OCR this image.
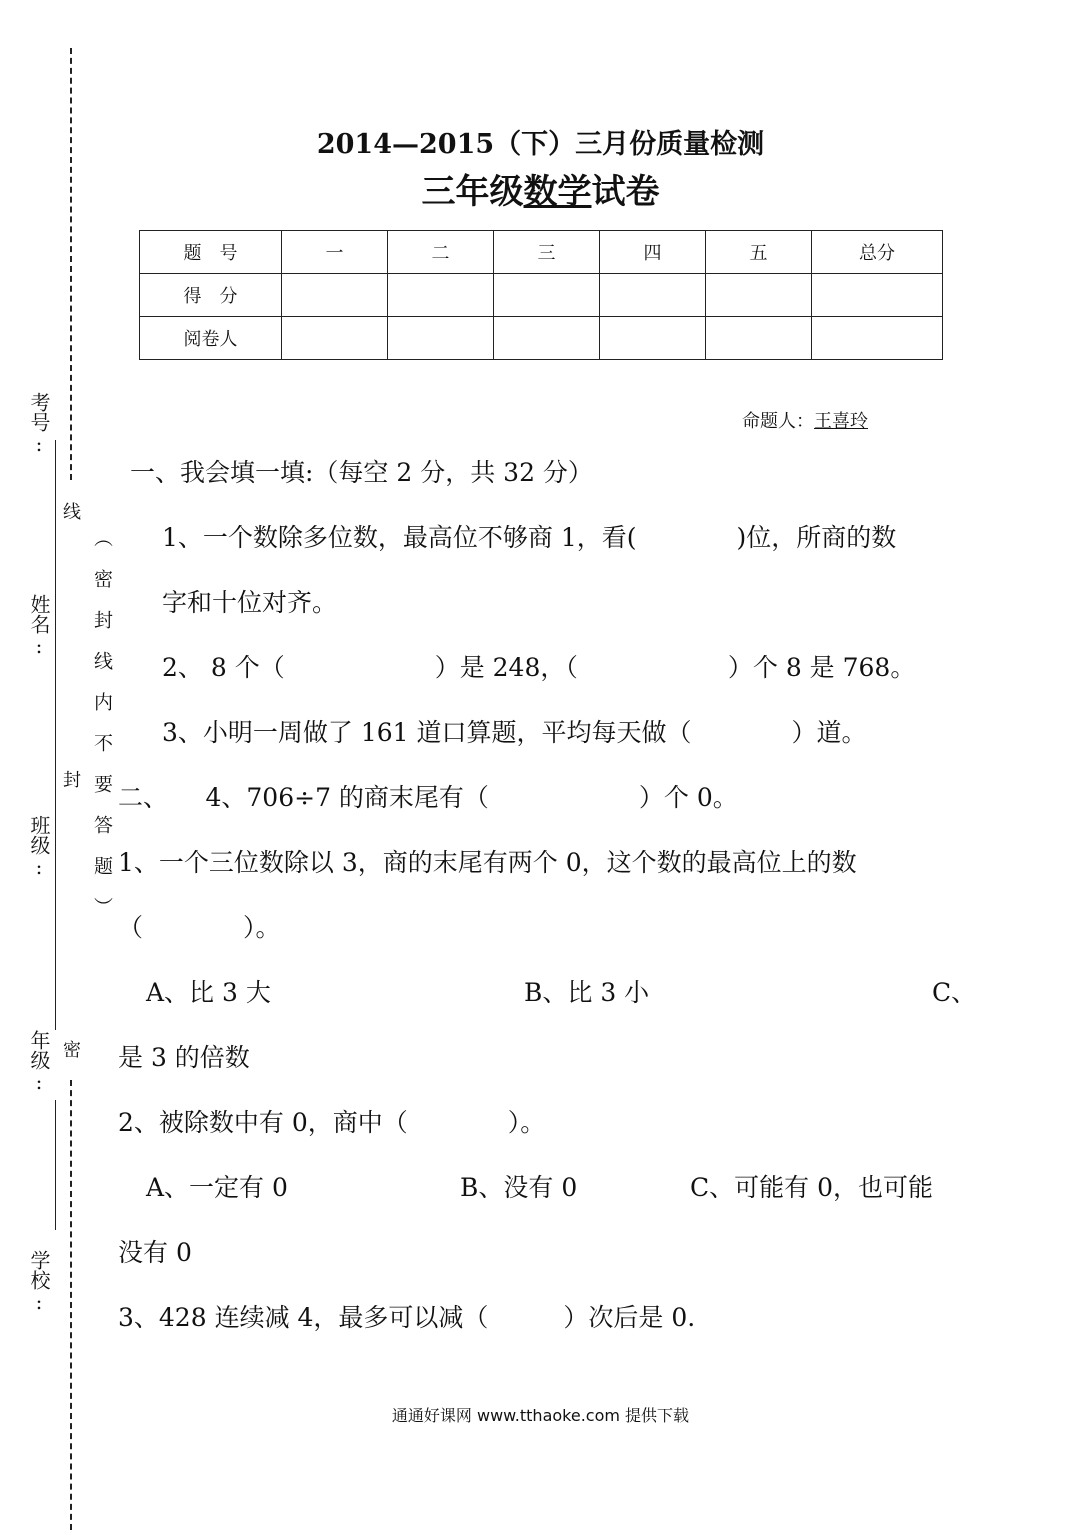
考号:
姓名:
班级:
年级:
学校:
线
封
密
（密封线内不要答题）
2014—2015（下）三月份质量检测
三年级数学试卷
题　号	一	二	三	四	五	总分
得　分						
阅卷人						
命题人：王喜玲
一、我会填一填:（每空 2 分，共 32 分）
1、一个数除多位数，最高位不够商 1，看(　　　　)位，所商的数
字和十位对齐。
2、 8 个（　　　　　　）是 248，（　　　　　　）个 8 是 768。
3、小明一周做了 161 道口算题，平均每天做（　　　　）道。
二、　　4、706÷7 的商末尾有（　　　　　　）个 0。
1、一个三位数除以 3，商的末尾有两个 0，这个数的最高位上的数
（　　　　）。
A、比 3 大	B、比 3 小	C、
是 3 的倍数
2、被除数中有 0，商中（　　　　）。
A、一定有 0	B、没有 0	C、可能有 0，也可能
没有 0
3、428 连续减 4，最多可以减（　　　）次后是 0.
通通好课网 www.tthaoke.com 提供下载
